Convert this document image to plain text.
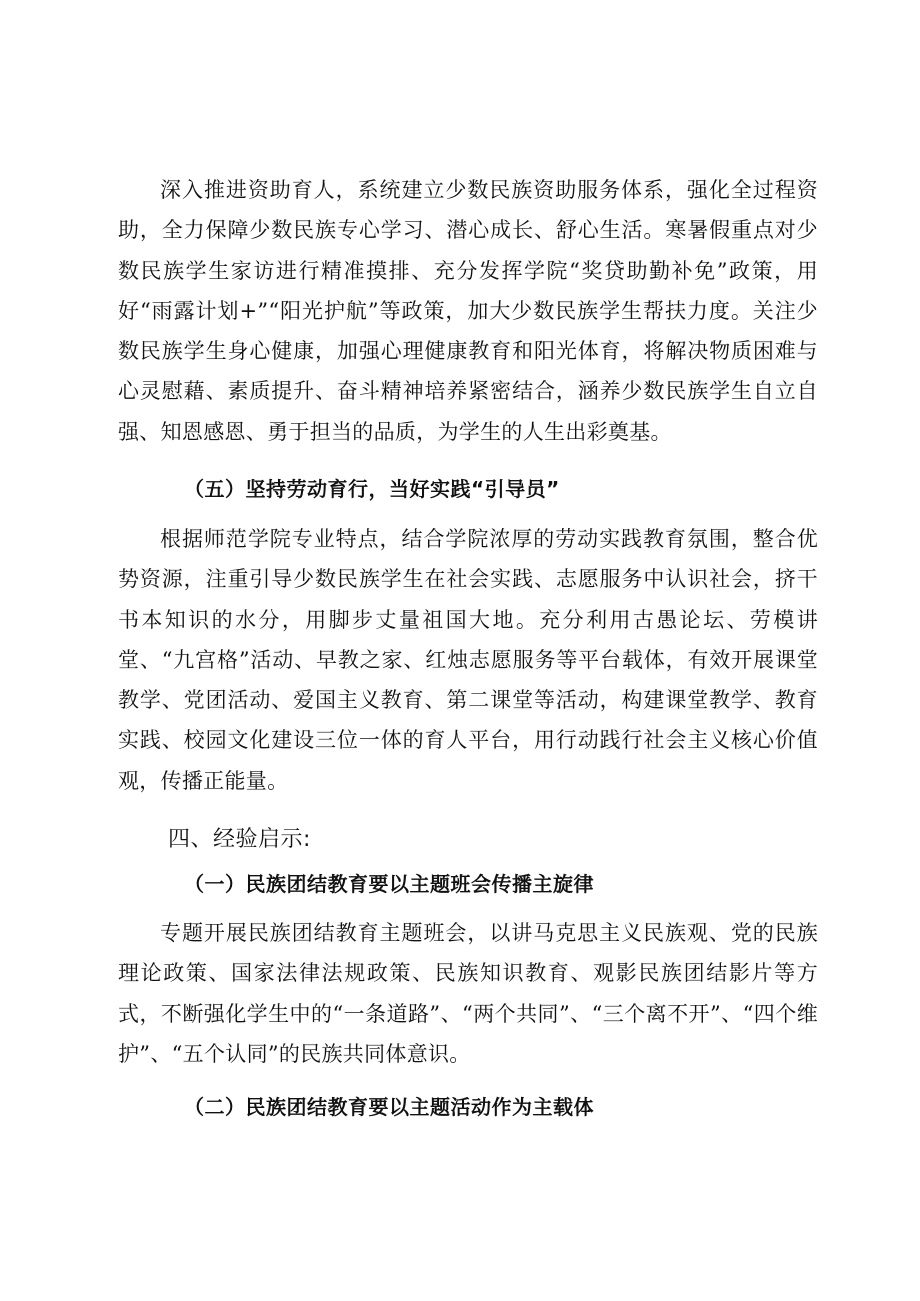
深入推进资助育人，系统建立少数民族资助服务体系，强化全过程资助，全力保障少数民族专心学习、潜心成长、舒心生活。寒暑假重点对少数民族学生家访进行精准摸排、充分发挥学院“奖贷助勤补免”政策，用好“雨露计划+”“阳光护航”等政策，加大少数民族学生帮扶力度。关注少数民族学生身心健康，加强心理健康教育和阳光体育，将解决物质困难与心灵慰藉、素质提升、奋斗精神培养紧密结合，涵养少数民族学生自立自强、知恩感恩、勇于担当的品质，为学生的人生出彩奠基。

（五）坚持劳动育行，当好实践“引导员”

根据师范学院专业特点，结合学院浓厚的劳动实践教育氛围，整合优势资源，注重引导少数民族学生在社会实践、志愿服务中认识社会，挤干书本知识的水分，用脚步丈量祖国大地。充分利用古愚论坛、劳模讲堂、“九宫格”活动、早教之家、红烛志愿服务等平台载体，有效开展课堂教学、党团活动、爱国主义教育、第二课堂等活动，构建课堂教学、教育实践、校园文化建设三位一体的育人平台，用行动践行社会主义核心价值观，传播正能量。

四、经验启示:

（一）民族团结教育要以主题班会传播主旋律

专题开展民族团结教育主题班会，以讲马克思主义民族观、党的民族理论政策、国家法律法规政策、民族知识教育、观影民族团结影片等方式，不断强化学生中的“一条道路”、“两个共同”、“三个离不开”、“四个维护”、“五个认同”的民族共同体意识。

（二）民族团结教育要以主题活动作为主载体
